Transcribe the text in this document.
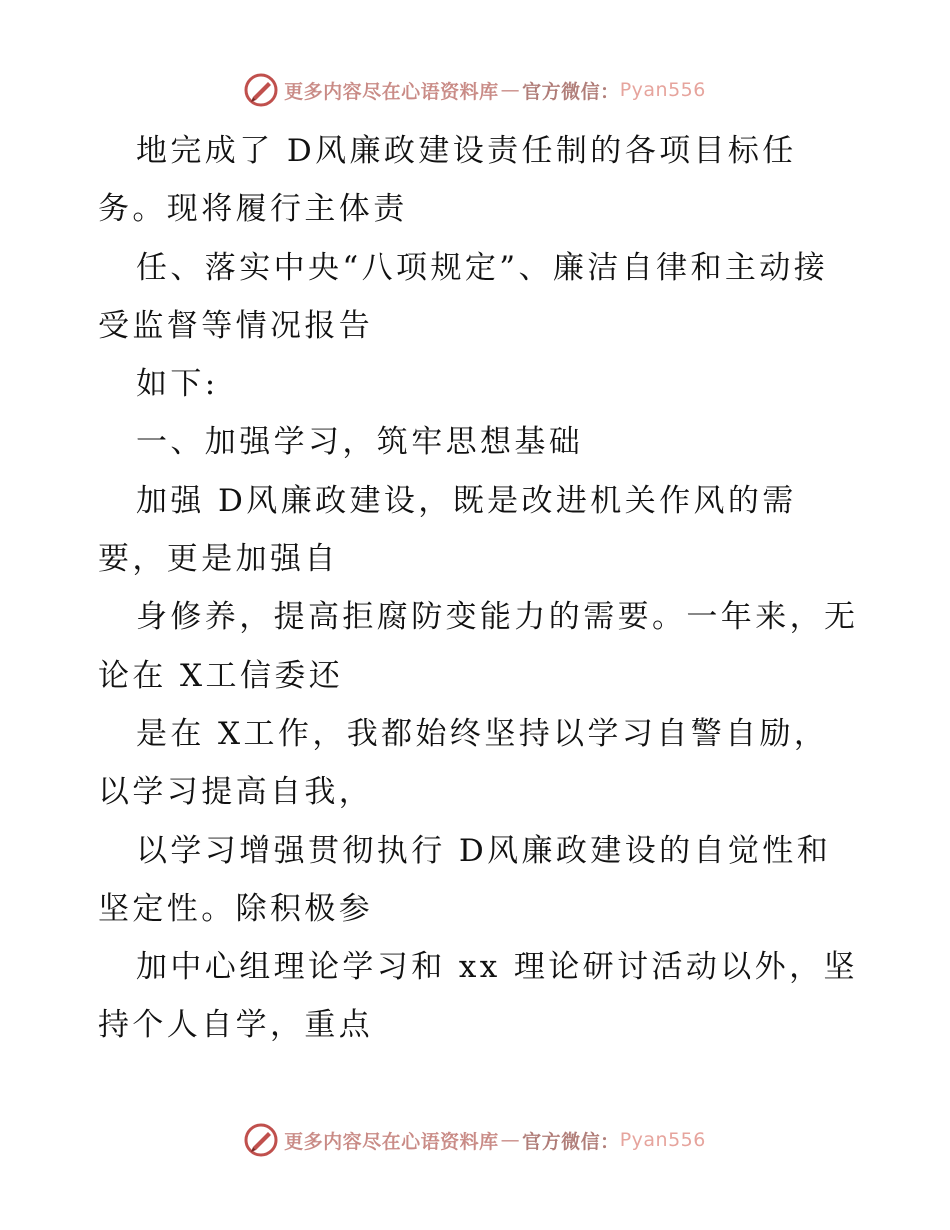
更多内容尽在心语资料库 — 官方微信： Pyan556
地完成了 D风廉政建设责任制的各项目标任
务。现将履行主体责
任、落实中央“八项规定”、廉洁自律和主动接
受监督等情况报告
如下:
一、加强学习，筑牢思想基础
加强 D风廉政建设，既是改进机关作风的需
要，更是加强自
身修养，提高拒腐防变能力的需要。一年来，无
论在 X工信委还
是在 X工作，我都始终坚持以学习自警自励，
以学习提高自我，
以学习增强贯彻执行 D风廉政建设的自觉性和
坚定性。除积极参
加中心组理论学习和 xx 理论研讨活动以外，坚
持个人自学，重点
更多内容尽在心语资料库 — 官方微信： Pyan556
